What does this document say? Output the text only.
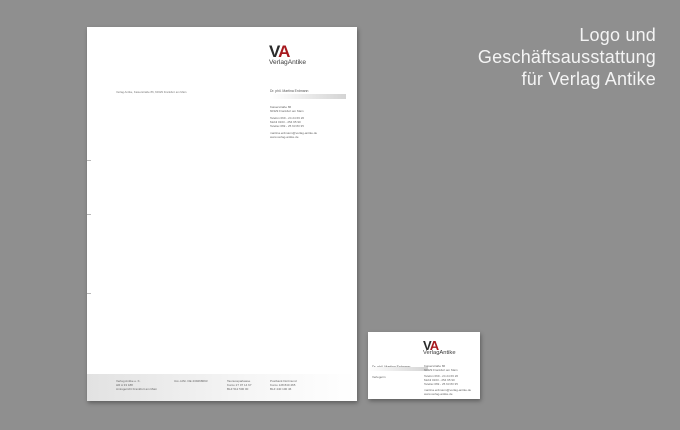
Logo und
Geschäftsausstattung
für Verlag Antike
VA
VerlagAntike
Verlag Antike, Kaiserstraße 86, 60329 Frankfurt am Main	Dr. phil. Martina Erdmann
Kaiserstraße 86
60329 Frankfurt am Main
Telefon 069 - 24 24 66 26
Mobil 0163 - 254 95 90
Telefax 069 - 25 63 83 35
martina.erdmann@verlag-antike.de
www.verlag-antike.de
Verlag Antike e. K.
HR A 33 188
Amtsgericht Frankfurt am Main
Ust.-IdNr. DE 239268093	Taunussparkasse
Konto 27 07 14 67
BLZ 512 500 00
Postbank Dortmund
Konto 128 840 465
BLZ 440 100 46
VA
VerlagAntike
Verlegerin
Kaiserstraße 86
60329 Frankfurt am Main
Telefon 069 - 24 24 66 26
Mobil 0163 - 254 95 90
Telefax 069 - 25 63 83 35
martina.erdmann@verlag-antike.de
www.verlag-antike.de
